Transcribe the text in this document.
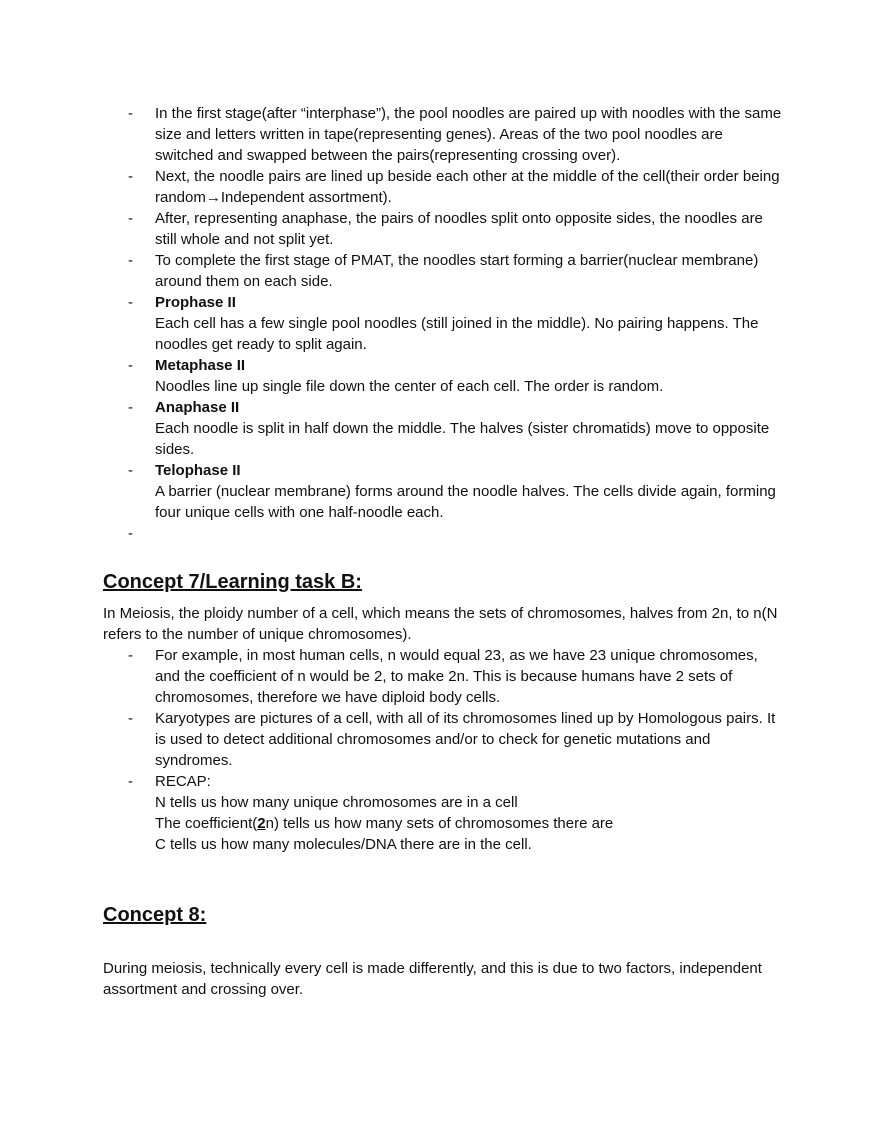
- In the first stage(after “interphase”), the pool noodles are paired up with noodles with the same size and letters written in tape(representing genes). Areas of the two pool noodles are switched and swapped between the pairs(representing crossing over).
- Next, the noodle pairs are lined up beside each other at the middle of the cell(their order being random→Independent assortment).
- After, representing anaphase, the pairs of noodles split onto opposite sides, the noodles are still whole and not split yet.
- To complete the first stage of PMAT, the noodles start forming a barrier(nuclear membrane) around them on each side.
- Prophase II
Each cell has a few single pool noodles (still joined in the middle). No pairing happens. The noodles get ready to split again.
- Metaphase II
Noodles line up single file down the center of each cell. The order is random.
- Anaphase II
Each noodle is split in half down the middle. The halves (sister chromatids) move to opposite sides.
- Telophase II
A barrier (nuclear membrane) forms around the noodle halves. The cells divide again, forming four unique cells with one half-noodle each.
-

Concept 7/Learning task B:

In Meiosis, the ploidy number of a cell, which means the sets of chromosomes, halves from 2n, to n(N refers to the number of unique chromosomes).

- For example, in most human cells, n would equal 23, as we have 23 unique chromosomes, and the coefficient of n would be 2, to make 2n. This is because humans have 2 sets of chromosomes, therefore we have diploid body cells.
- Karyotypes are pictures of a cell, with all of its chromosomes lined up by Homologous pairs. It is used to detect additional chromosomes and/or to check for genetic mutations and syndromes.
- RECAP:
N tells us how many unique chromosomes are in a cell
The coefficient(2n) tells us how many sets of chromosomes there are
C tells us how many molecules/DNA there are in the cell.
Concept 8:

During meiosis, technically every cell is made differently, and this is due to two factors, independent assortment and crossing over.
